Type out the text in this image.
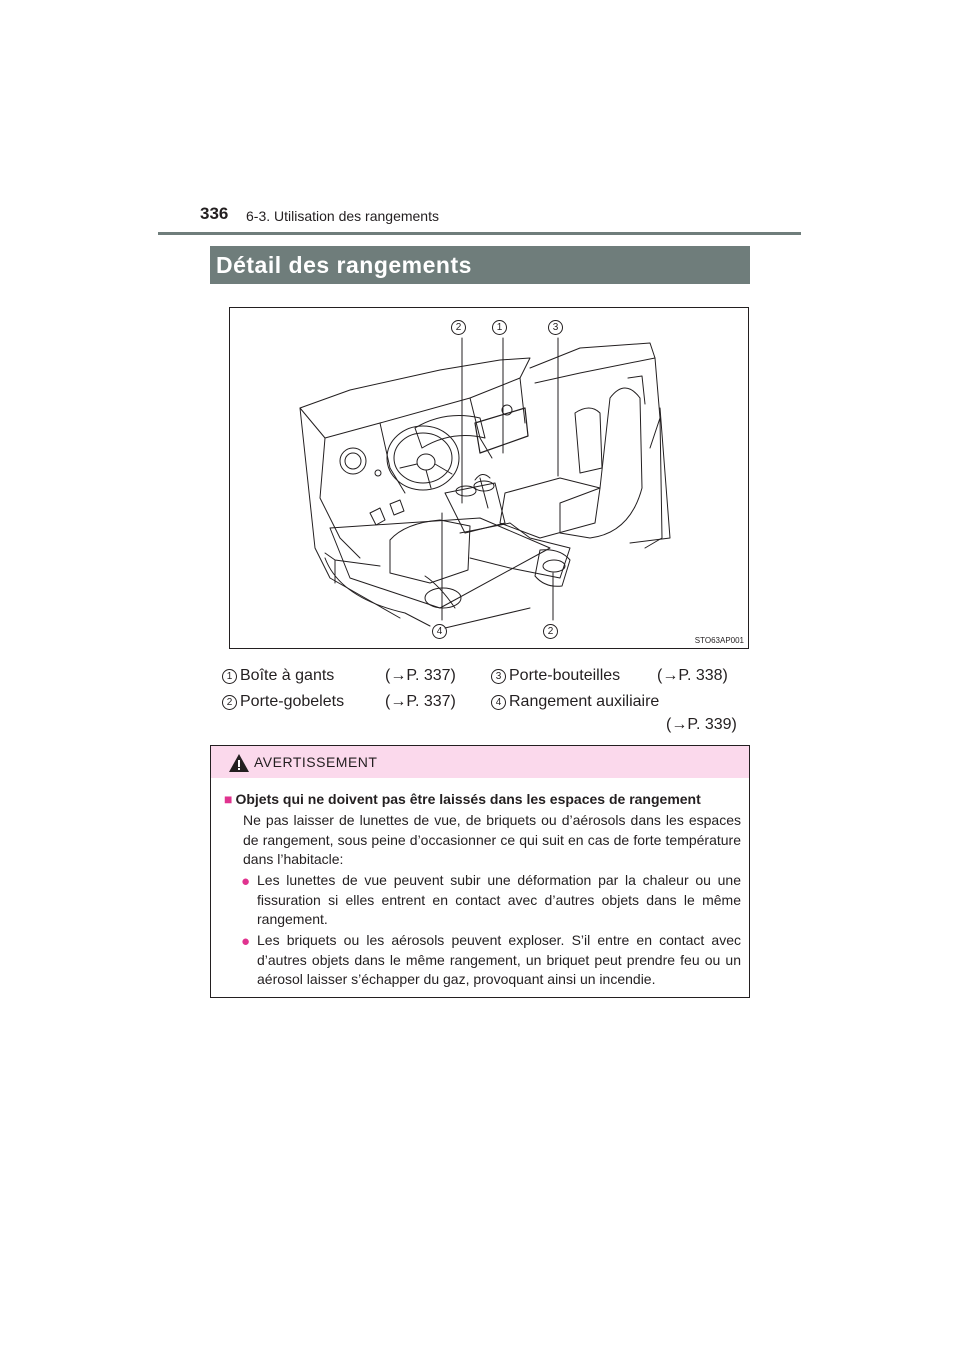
336 6-3. Utilisation des rangements
Détail des rangements
2	1	3
4	2
STO63AP001
1 Boîte à gants	(→P. 337)	3 Porte-bouteilles (→P. 338)
2 Porte-gobelets	(→P. 337)	4 Rangement auxiliaire
(→P. 339)
AVERTISSEMENT
■ Objets qui ne doivent pas être laissés dans les espaces de rangement
Ne pas laisser de lunettes de vue, de briquets ou d’aérosols dans les espaces de rangement, sous peine d’occasionner ce qui suit en cas de forte température dans l’habitacle:
● Les lunettes de vue peuvent subir une déformation par la chaleur ou une fissuration si elles entrent en contact avec d’autres objets dans le même rangement.
● Les briquets ou les aérosols peuvent exploser. S’il entre en contact avec d’autres objets dans le même rangement, un briquet peut prendre feu ou un aérosol laisser s’échapper du gaz, provoquant ainsi un incendie.
